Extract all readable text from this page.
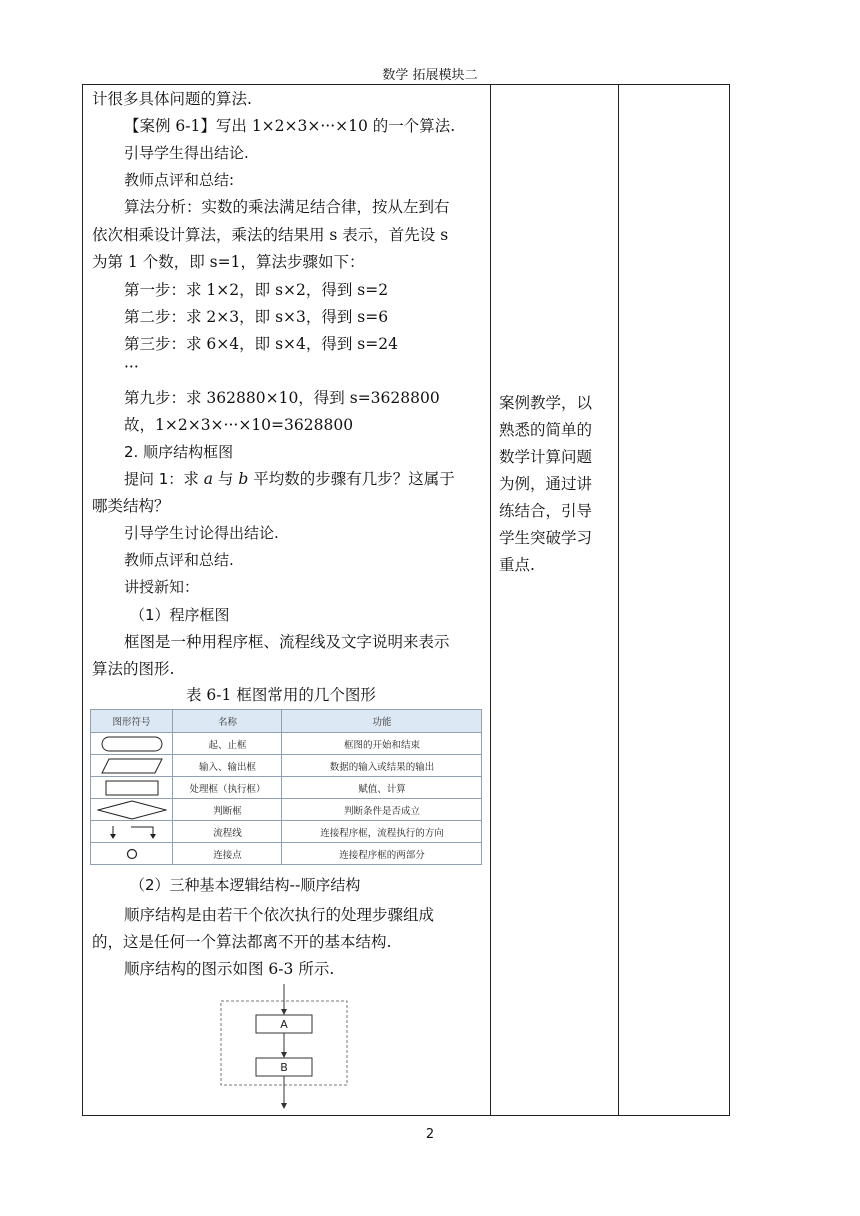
数学 拓展模块二
计很多具体问题的算法.
【案例 6-1】写出 1×2×3×···×10 的一个算法.
引导学生得出结论.
教师点评和总结:
算法分析：实数的乘法满足结合律，按从左到右
依次相乘设计算法，乘法的结果用 s 表示，首先设 s
为第 1 个数，即 s=1，算法步骤如下：
第一步：求 1×2，即 s×2，得到 s=2
第二步：求 2×3，即 s×3，得到 s=6
第三步：求 6×4，即 s×4，得到 s=24
···
第九步：求 362880×10，得到 s=3628800
故，1×2×3×···×10=3628800
2. 顺序结构框图
提问 1：求 a 与 b 平均数的步骤有几步？这属于
哪类结构？
引导学生讨论得出结论.
教师点评和总结.
讲授新知：
（1）程序框图
框图是一种用程序框、流程线及文字说明来表示
算法的图形.
表 6-1 框图常用的几个图形
图形符号	名称	功能
起、止框	框图的开始和结束
输入、输出框	数据的输入或结果的输出
处理框（执行框）	赋值、计算
判断框	判断条件是否成立
流程线	连接程序框，流程执行的方向
连接点	连接程序框的两部分
（2）三种基本逻辑结构--顺序结构
顺序结构是由若干个依次执行的处理步骤组成
的，这是任何一个算法都离不开的基本结构.
顺序结构的图示如图 6-3 所示.
A
B
案例教学，以
熟悉的简单的
数学计算问题
为例，通过讲
练结合，引导
学生突破学习
重点.
2
